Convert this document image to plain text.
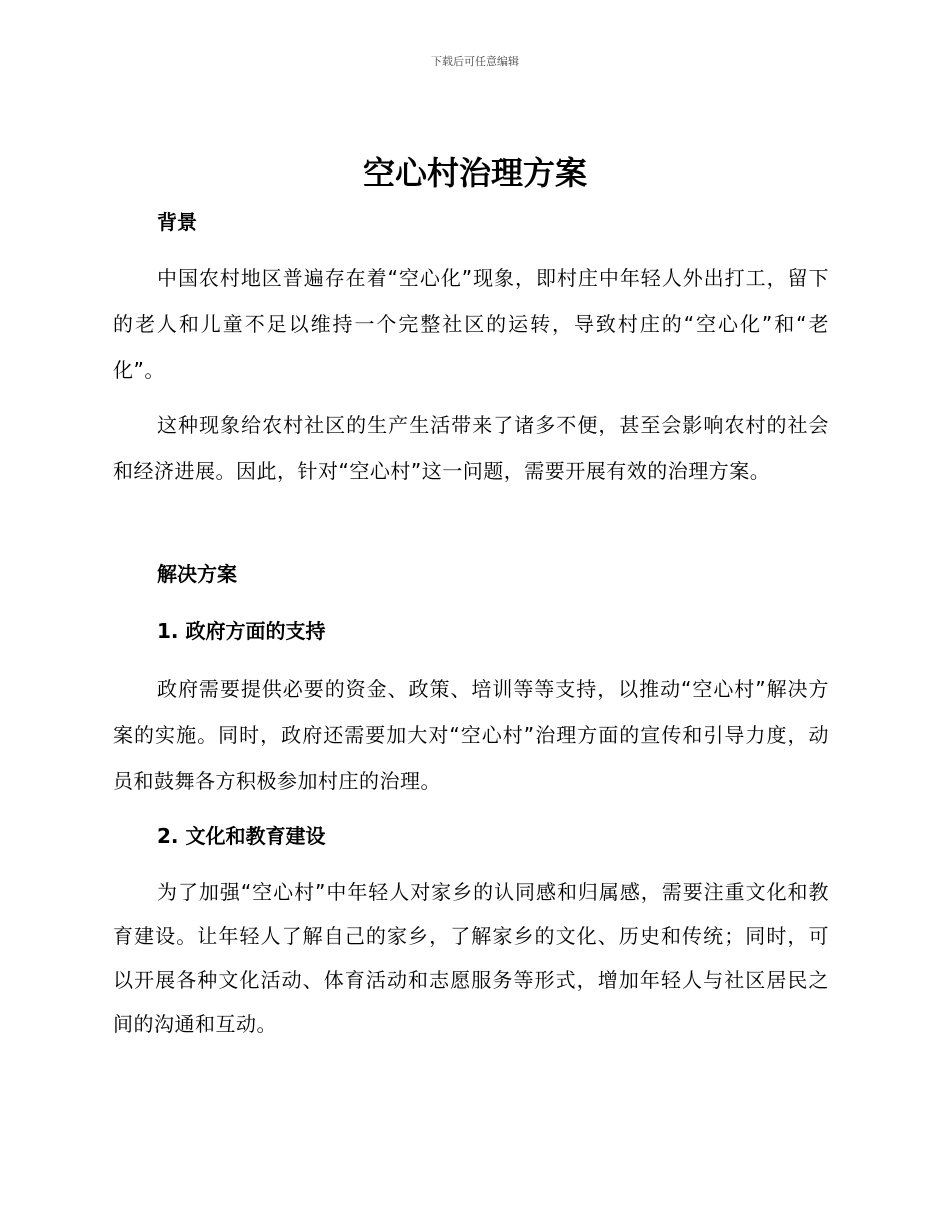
下载后可任意编辑
空心村治理方案
背景

中国农村地区普遍存在着“空心化”现象，即村庄中年轻人外出打工，留下的老人和儿童不足以维持一个完整社区的运转，导致村庄的“空心化”和“老化”。

这种现象给农村社区的生产生活带来了诸多不便，甚至会影响农村的社会和经济进展。因此，针对“空心村”这一问题，需要开展有效的治理方案。

解决方案
1. 政府方面的支持

政府需要提供必要的资金、政策、培训等等支持，以推动“空心村”解决方案的实施。同时，政府还需要加大对“空心村”治理方面的宣传和引导力度，动员和鼓舞各方积极参加村庄的治理。

2. 文化和教育建设

为了加强“空心村”中年轻人对家乡的认同感和归属感，需要注重文化和教育建设。让年轻人了解自己的家乡，了解家乡的文化、历史和传统；同时，可以开展各种文化活动、体育活动和志愿服务等形式，增加年轻人与社区居民之间的沟通和互动。
